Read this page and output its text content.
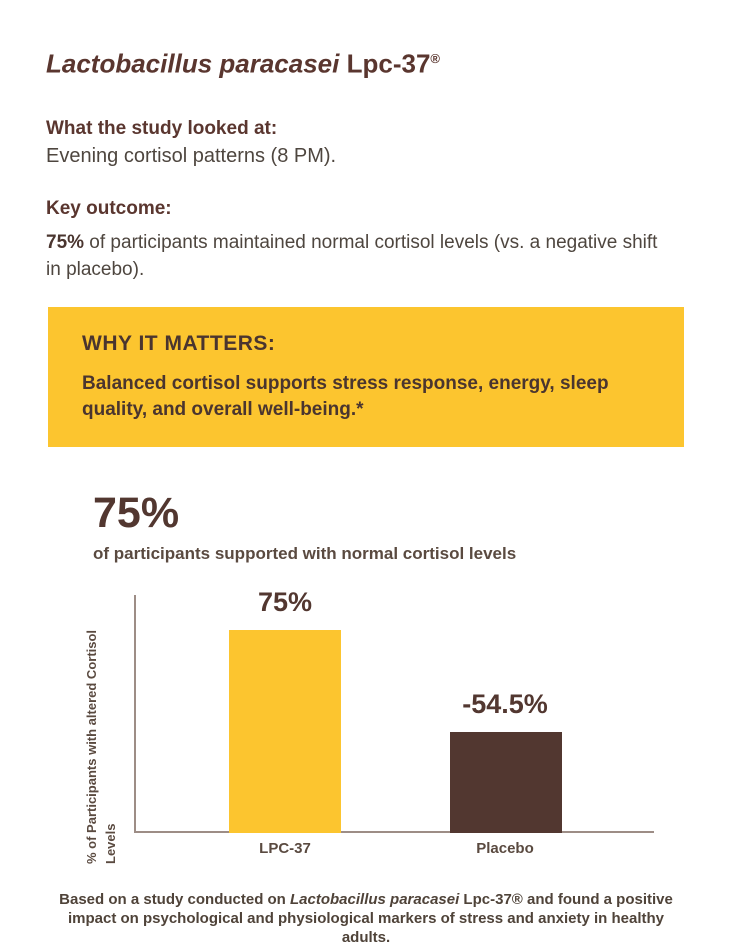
Lactobacillus paracasei Lpc-37®
What the study looked at:
Evening cortisol patterns (8 PM).
Key outcome:
75% of participants maintained normal cortisol levels (vs. a negative shift in placebo).
WHY IT MATTERS:
Balanced cortisol supports stress response, energy, sleep quality, and overall well-being.*
75%
of participants supported with normal cortisol levels
% of Participants with altered Cortisol Levels
75%
LPC-37
-54.5%
Placebo
Based on a study conducted on Lactobacillus paracasei Lpc-37® and found a positive impact on psychological and physiological markers of stress and anxiety in healthy adults.
